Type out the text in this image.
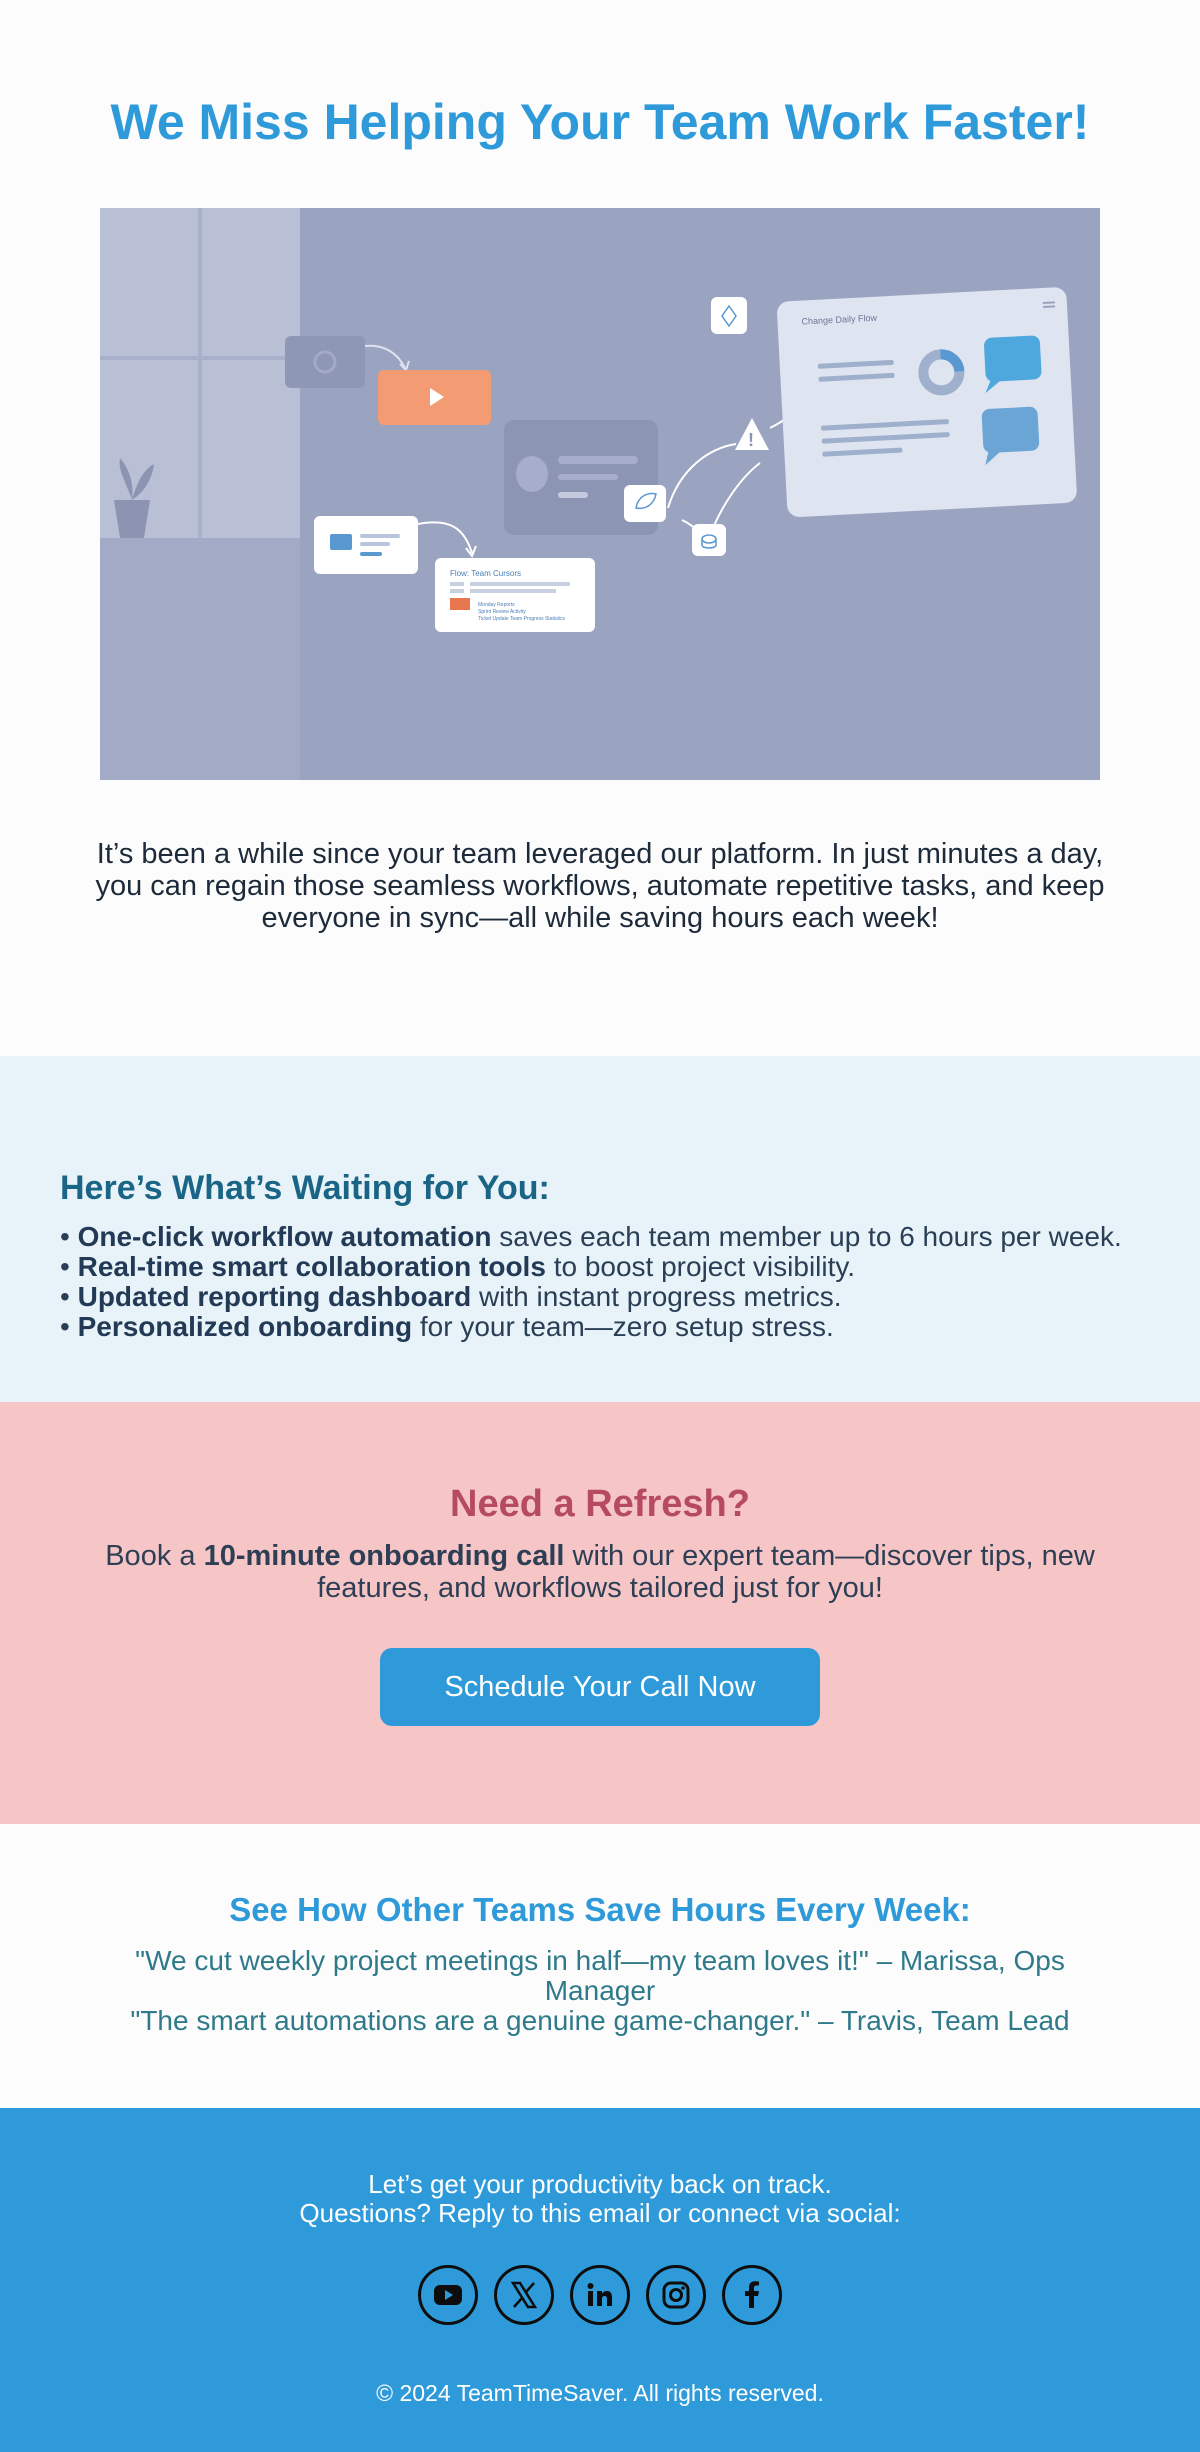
We Miss Helping Your Team Work Faster!
Flow: Team Cursors
Monday Reports
Sprint Review Activity
Ticket Update Team Progress Statistics
!
Change Daily Flow

It’s been a while since your team leveraged our platform. In just minutes a day, you can regain those seamless workflows, automate repetitive tasks, and keep everyone in sync—all while saving hours each week!

Here’s What’s Waiting for You:
• One-click workflow automation saves each team member up to 6 hours per week.
• Real-time smart collaboration tools to boost project visibility.
• Updated reporting dashboard with instant progress metrics.
• Personalized onboarding for your team—zero setup stress.
Need a Refresh?

Book a 10-minute onboarding call with our expert team—discover tips, new features, and workflows tailored just for you!

Schedule Your Call Now
See How Other Teams Save Hours Every Week:

"We cut weekly project meetings in half—my team loves it!" – Marissa, Ops Manager

"The smart automations are a genuine game-changer." – Travis, Team Lead

Let’s get your productivity back on track.

Questions? Reply to this email or connect via social:

© 2024 TeamTimeSaver. All rights reserved.
